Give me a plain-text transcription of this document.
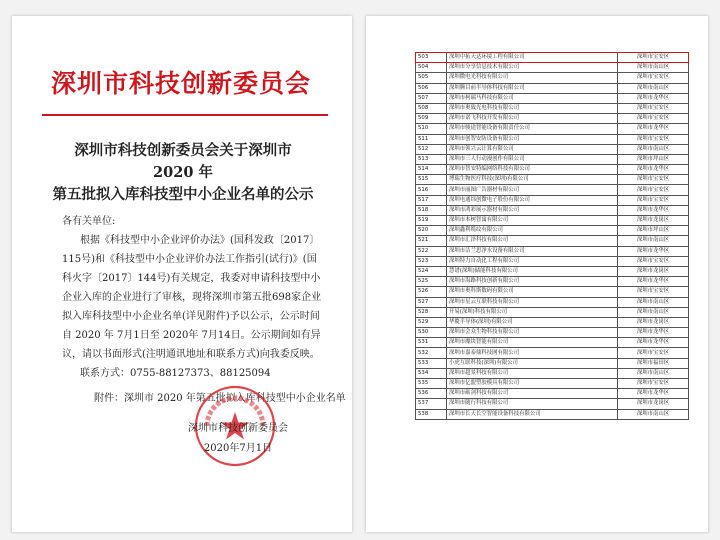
深圳市科技创新委员会
深圳市科技创新委员会关于深圳市 2020 年
第五批拟入库科技型中小企业名单的公示

各有关单位:

根据《科技型中小企业评价办法》(国科发政〔2017〕115号)和《科技型中小企业评价办法工作指引(试行)》(国科火字〔2017〕144号)有关规定，我委对申请科技型中小企业入库的企业进行了审核，现将深圳市第五批698家企业拟入库科技型中小企业名单(详见附件)予以公示，公示时间自 2020 年 7月1日至 2020年 7月14日。公示期间如有异议，请以书面形式(注明通讯地址和联系方式)向我委反映。

联系方式：0755-88127373、88125094

附件：深圳市 2020 年第五批拟入库科技型中小企业名单
深圳市科技创新委员会
2020年7月1日
503	深圳中拓天达环境工程有限公司	深圳市宝安区
504	深圳市分享信息技术有限公司	深圳市南山区
505	深圳微电光科技有限公司	深圳市宝安区
506	深圳腾目前半导体科技有限公司	深圳市南山区
507	深圳市柯瑞马科技有限公司	深圳市龙华区
508	深圳市奥致光电科技有限公司	深圳市宝安区
509	深圳市诺飞科技开发有限公司	深圳市宝安区
510	深圳市骏途智能设备有限责任公司	深圳市龙华区
511	深圳市创智安防设备有限公司	深圳市宝安区
512	深圳市领兴云计算有限公司	深圳市南山区
513	深圳市三人行动漫创作有限公司	深圳市坪山区
514	深圳市智安特编网络科技有限公司	深圳市龙华区
515	博瑞生物医疗科技(深圳)有限公司	深圳市宝安区
516	深圳市丽图广告器材有限公司	深圳市宝安区
517	深圳电通纬创微电子股份有限公司	深圳市宝安区
518	深圳市鸿彩展示器材有限公司	深圳市龙华区
519	深圳市本树智寓有限公司	深圳市龙岗区
520	深圳鑫利缆纹有限公司	深圳市坪山区
521	深圳市汇泽科技有限公司	深圳市南山区
522	深圳市洁兰思净水设备有限公司	深圳市龙华区
523	深圳特力自动化工程有限公司	深圳市宝安区
524	慧谱(深圳)储能科技有限公司	深圳市龙岗区
525	深圳市海路科技创新有限公司	深圳市龙华区
526	深圳市奥科斯数码有限公司	深圳市宝安区
527	深圳市星云互联科技有限公司	深圳市南山区
528	开易(深圳)科技有限公司	深圳市南山区
529	华慶半导体(深圳)有限公司	深圳市龙岗区
530	深圳市会众生物科技有限公司	深圳市龙华区
531	深圳市魔块智能有限公司	深圳市龙华区
532	深圳市嘉泰鼎科技网有限公司	深圳市宝安区
533	小虎互联科技(深圳)有限公司	深圳市福田区
534	深圳市超景科技有限公司	深圳市南山区
535	深圳市亿盟塑胶模具有限公司	深圳市宝安区
536	深圳市砺剑科技有限公司	深圳市龙华区
537	深圳市随行科技有限公司	深圳市龙岗区
538	深圳市长天长空智能设备科技有限公司	深圳市南山区
